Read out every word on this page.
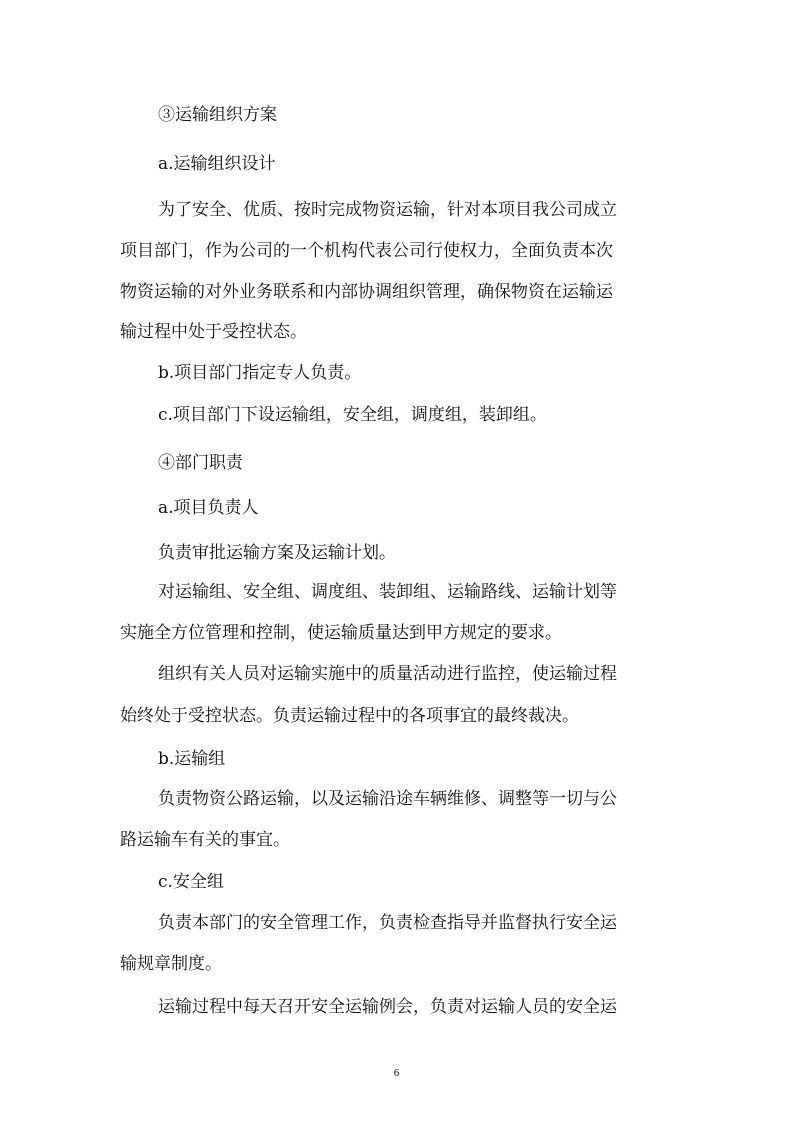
③运输组织方案
a.运输组织设计
为了安全、优质、按时完成物资运输，针对本项目我公司成立
项目部门，作为公司的一个机构代表公司行使权力，全面负责本次
物资运输的对外业务联系和内部协调组织管理，确保物资在运输运
输过程中处于受控状态。
b.项目部门指定专人负责。
c.项目部门下设运输组，安全组，调度组，装卸组。
④部门职责
a.项目负责人
负责审批运输方案及运输计划。
对运输组、安全组、调度组、装卸组、运输路线、运输计划等
实施全方位管理和控制，使运输质量达到甲方规定的要求。
组织有关人员对运输实施中的质量活动进行监控，使运输过程
始终处于受控状态。负责运输过程中的各项事宜的最终裁决。
b.运输组
负责物资公路运输，以及运输沿途车辆维修、调整等一切与公
路运输车有关的事宜。
c.安全组
负责本部门的安全管理工作，负责检查指导并监督执行安全运
输规章制度。
运输过程中每天召开安全运输例会，负责对运输人员的安全运
6
